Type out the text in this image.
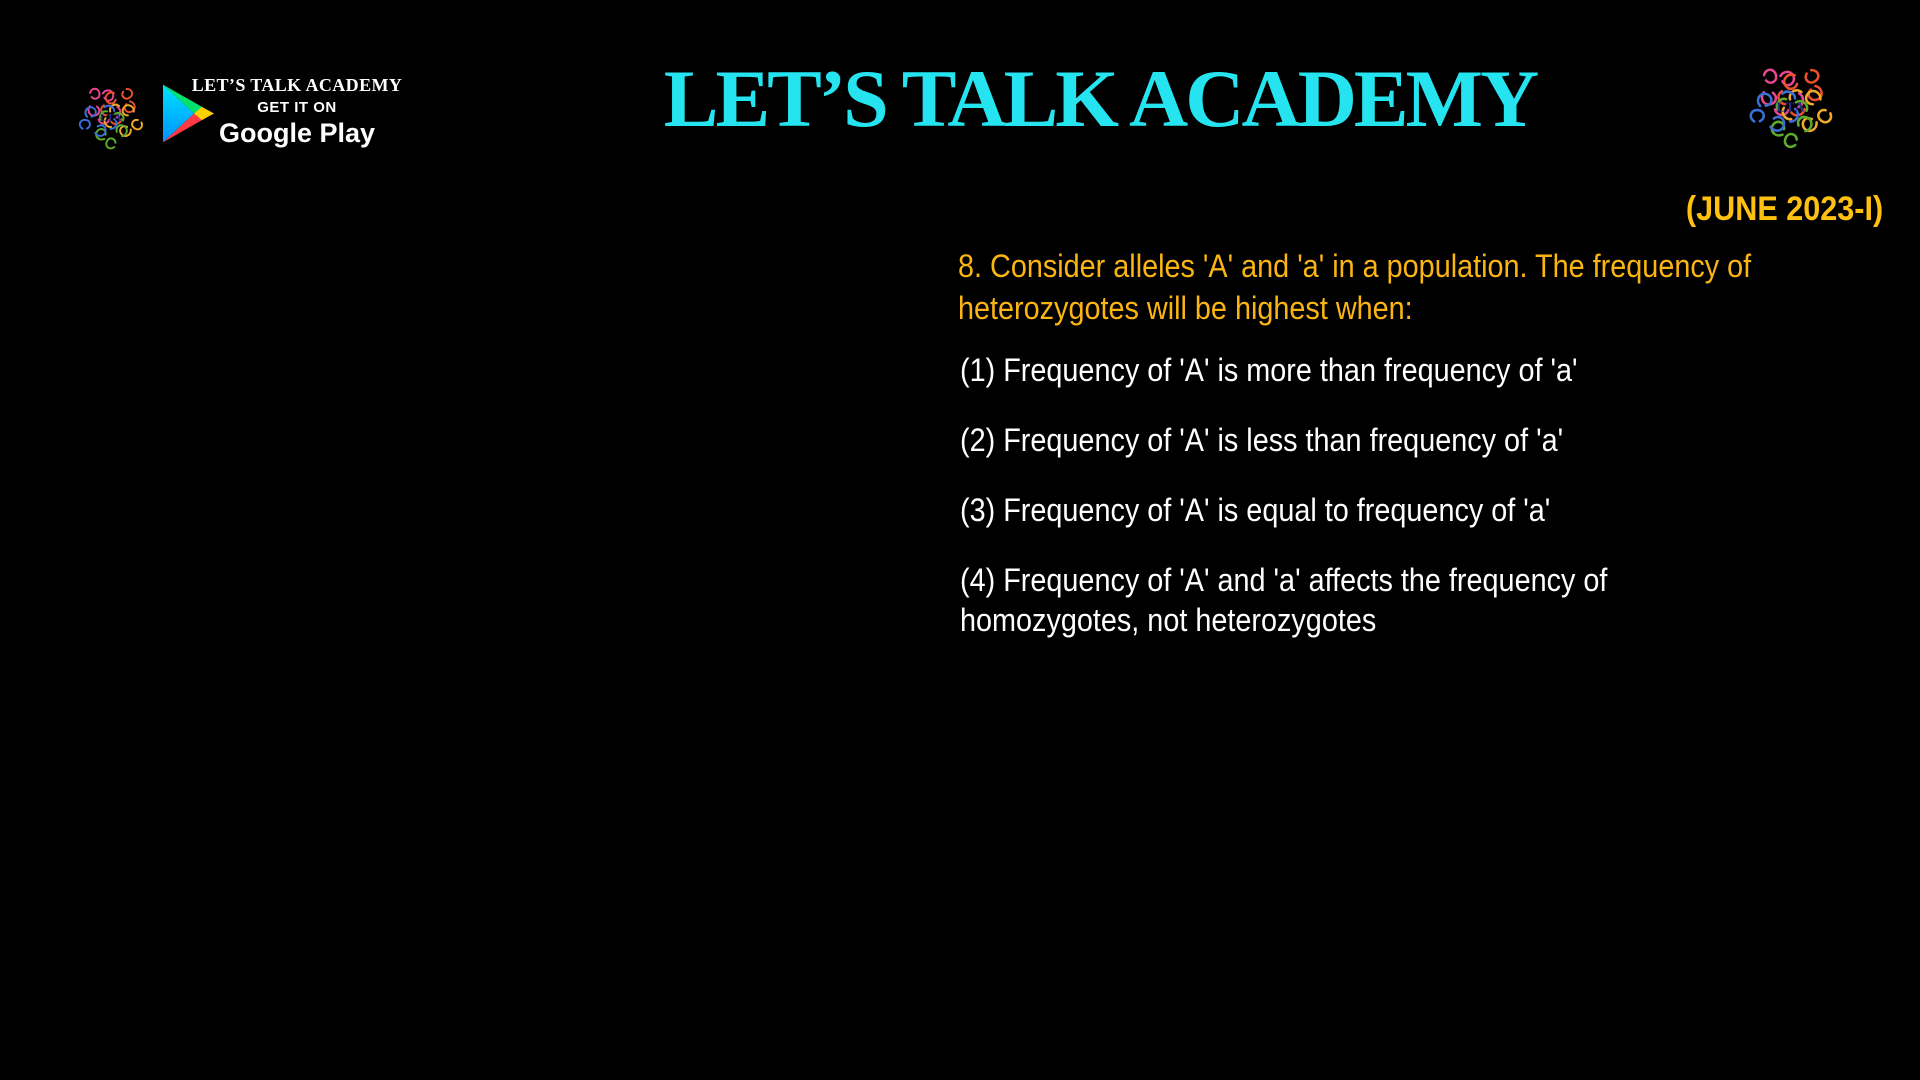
LET’S TALK ACADEMY
GET IT ON
Google Play	LET’S TALK ACADEMY
(JUNE 2023-I)
8. Consider alleles 'A' and 'a' in a population. The frequency of
heterozygotes will be highest when:
(1) Frequency of 'A' is more than frequency of 'a'
(2) Frequency of 'A' is less than frequency of 'a'
(3) Frequency of 'A' is equal to frequency of 'a'
(4) Frequency of 'A' and 'a' affects the frequency of
homozygotes, not heterozygotes
